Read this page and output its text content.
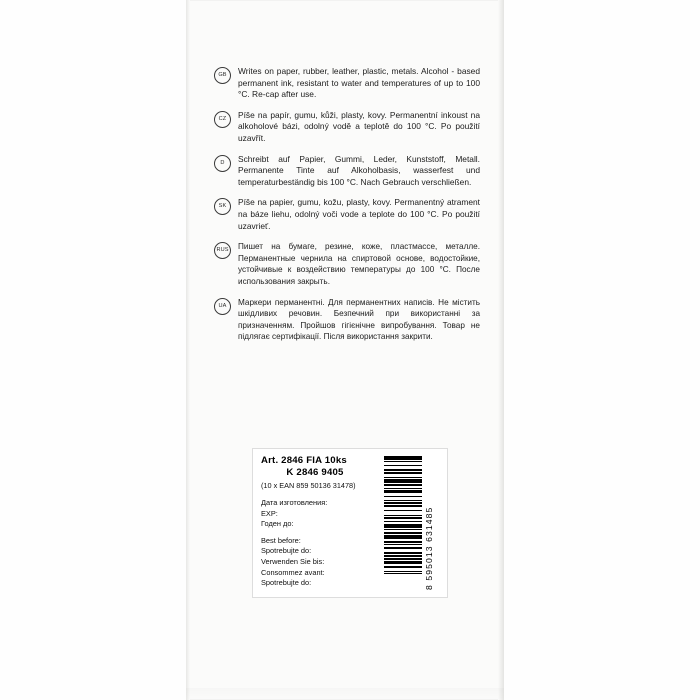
GB	Writes on paper, rubber, leather, plastic, metals. Alcohol - based permanent ink, resistant to water and temperatures of up to 100 °C. Re-cap after use.
CZ	Píše na papír, gumu, kůži, plasty, kovy. Permanentní inkoust na alkoholové bázi, odolný vodě a teplotě do 100 °C. Po použití uzavřít.
D	Schreibt auf Papier, Gummi, Leder, Kunststoff, Metall. Permanente Tinte auf Alkoholbasis, wasserfest und temperaturbeständig bis 100 °C. Nach Gebrauch verschließen.
SK	Píše na papier, gumu, kožu, plasty, kovy. Permanentný atrament na báze liehu, odolný voči vode a teplote do 100 °C. Po použití uzavrieť.
RUS Пишет на бумаге, резине, коже, пластмассе, металле. Перманентные чернила на спиртовой основе, водостойкие, устойчивые к воздействию температуры до 100 °C. После использования закрыть.
UA	Маркери перманентні. Для перманентних написів. Не містить шкідливих речовин. Безпечний при використанні за призначенням. Пройшов гігієнічне випробування. Товар не підлягає сертифікації. Після використання закрити.
Art. 2846 FIA 10ks
K 2846 9405
(10 x EAN 859 50136 31478)
Дата изготовления:
EXP:
Годен до:
Best before:
Spotrebujte do:
Verwenden Sie bis:
Consommez avant:
Spotrebujte do:	8 595013 631485
